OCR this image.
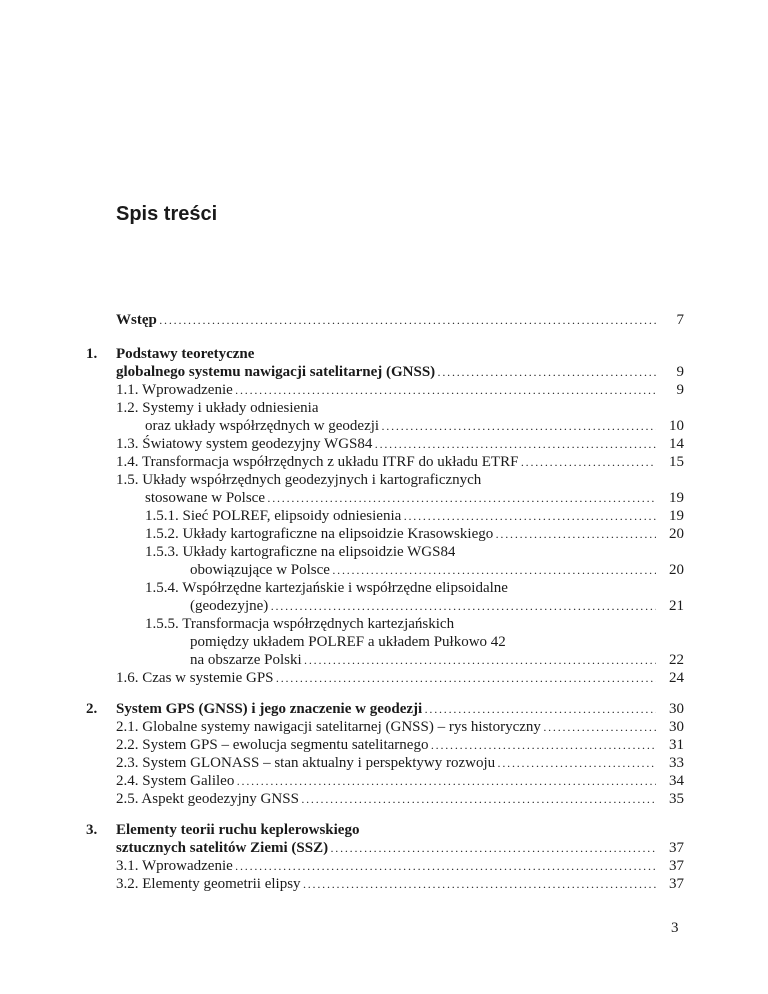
Spis treści
Wstęp . . .	7
1. Podstawy teoretyczne
globalnego systemu nawigacji satelitarnej (GNSS) . . .	9
1.1. Wprowadzenie . . .	9
1.2. Systemy i układy odniesienia
oraz układy współrzędnych w geodezji . . .	10
1.3. Światowy system geodezyjny WGS84 . . .	14
1.4. Transformacja współrzędnych z układu ITRF do układu ETRF . . .	15
1.5. Układy współrzędnych geodezyjnych i kartograficznych
stosowane w Polsce . . .	19
1.5.1. Sieć POLREF, elipsoidy odniesienia . . .	19
1.5.2. Układy kartograficzne na elipsoidzie Krasowskiego . . .	20
1.5.3. Układy kartograficzne na elipsoidzie WGS84
obowiązujące w Polsce . . .	20
1.5.4. Współrzędne kartezjańskie i współrzędne elipsoidalne
(geodezyjne) . . .	21
1.5.5. Transformacja współrzędnych kartezjańskich
pomiędzy układem POLREF a układem Pułkowo 42
na obszarze Polski . . .	22
1.6. Czas w systemie GPS . . .	24
2. System GPS (GNSS) i jego znaczenie w geodezji . . .	30
2.1. Globalne systemy nawigacji satelitarnej (GNSS) – rys historyczny . . .	30
2.2. System GPS – ewolucja segmentu satelitarnego . . .	31
2.3. System GLONASS – stan aktualny i perspektywy rozwoju . . .	33
2.4. System Galileo . . .	34
2.5. Aspekt geodezyjny GNSS . . .	35
3. Elementy teorii ruchu keplerowskiego
sztucznych satelitów Ziemi (SSZ) . . .	37
3.1. Wprowadzenie . . .	37
3.2. Elementy geometrii elipsy . . .	37
3
